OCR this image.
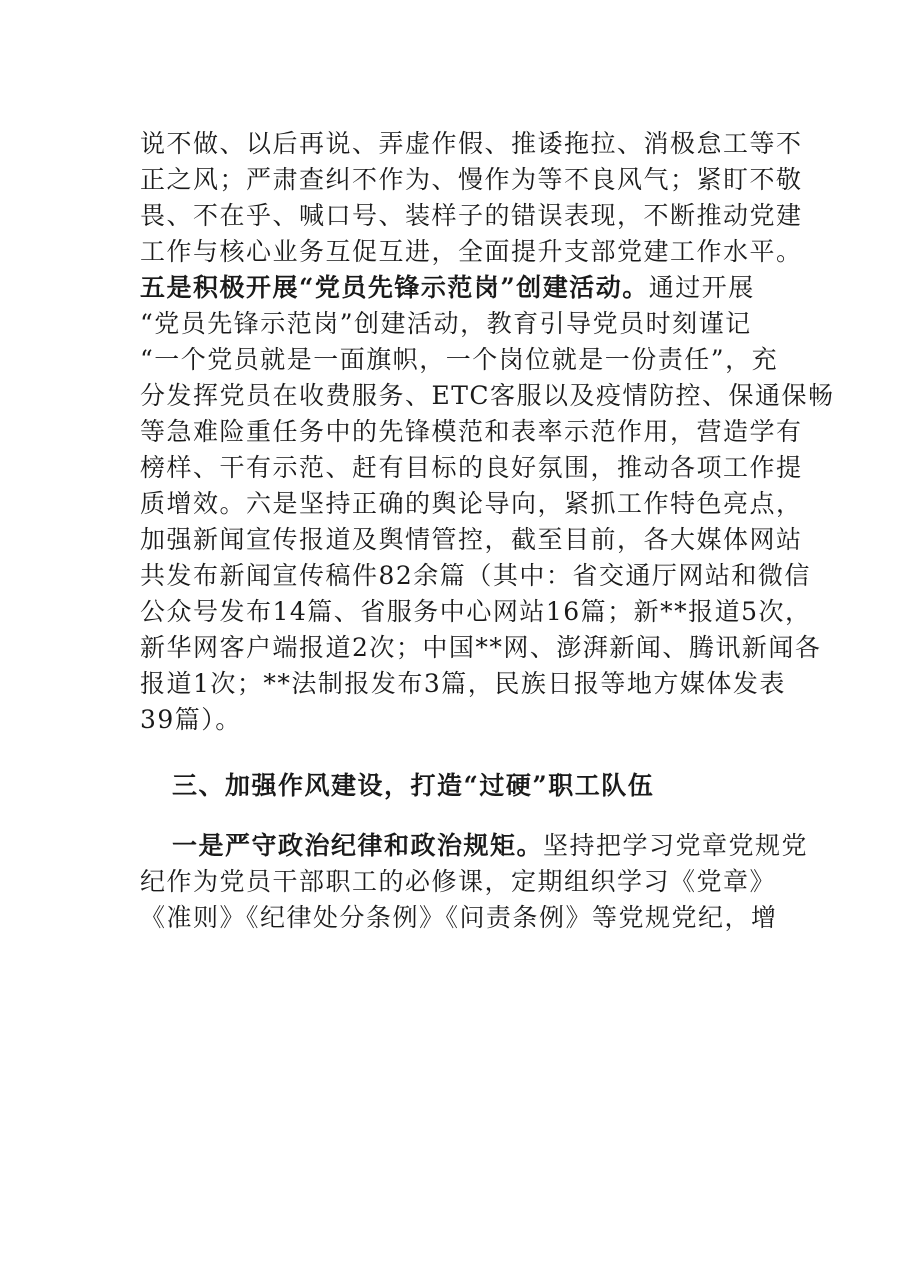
说不做、以后再说、弄虚作假、推诿拖拉、消极怠工等不
正之风；严肃查纠不作为、慢作为等不良风气；紧盯不敬
畏、不在乎、喊口号、装样子的错误表现，不断推动党建
工作与核心业务互促互进，全面提升支部党建工作水平。
五是积极开展“党员先锋示范岗”创建活动。通过开展
“党员先锋示范岗”创建活动，教育引导党员时刻谨记
“一个党员就是一面旗帜，一个岗位就是一份责任”，充
分发挥党员在收费服务、ETC客服以及疫情防控、保通保畅
等急难险重任务中的先锋模范和表率示范作用，营造学有
榜样、干有示范、赶有目标的良好氛围，推动各项工作提
质增效。六是坚持正确的舆论导向，紧抓工作特色亮点，
加强新闻宣传报道及舆情管控，截至目前，各大媒体网站
共发布新闻宣传稿件82余篇（其中：省交通厅网站和微信
公众号发布14篇、省服务中心网站16篇；新**报道5次，
新华网客户端报道2次；中国**网、澎湃新闻、腾讯新闻各
报道1次；**法制报发布3篇，民族日报等地方媒体发表
39篇）。
三、加强作风建设，打造“过硬”职工队伍
一是严守政治纪律和政治规矩。坚持把学习党章党规党
纪作为党员干部职工的必修课，定期组织学习《党章》
《准则》《纪律处分条例》《问责条例》等党规党纪，增
